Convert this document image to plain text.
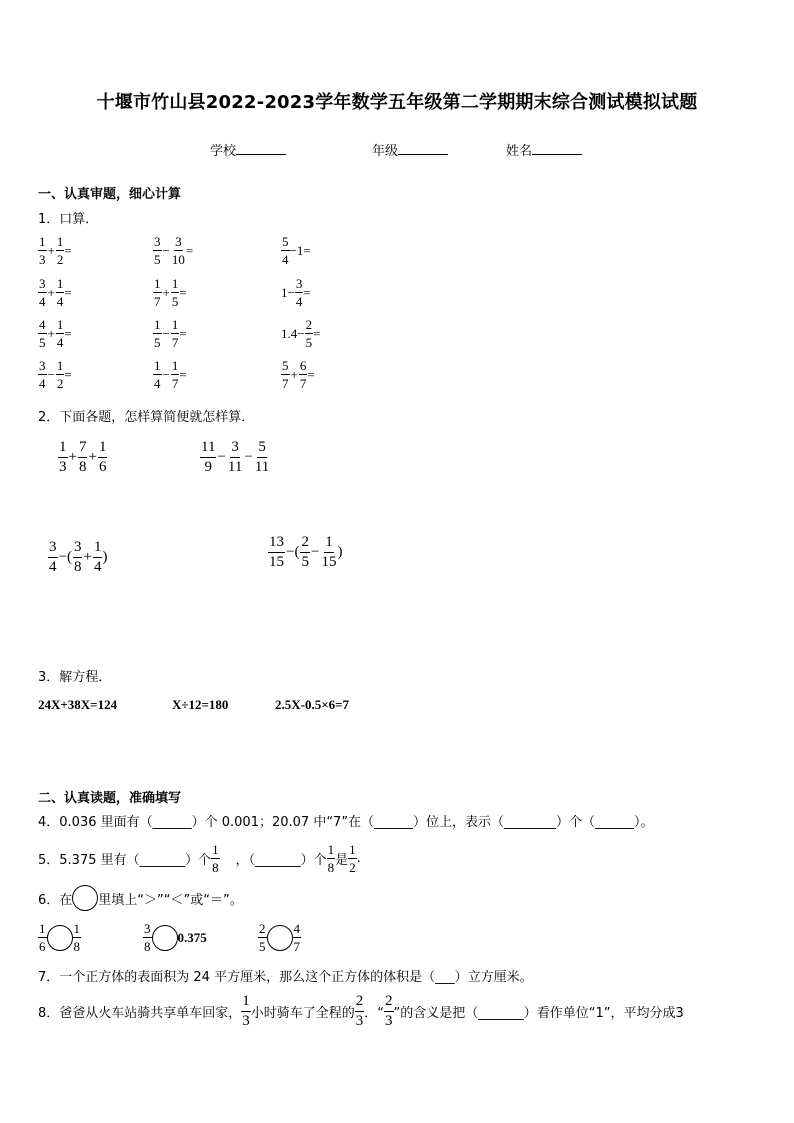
十堰市竹山县2022-2023学年数学五年级第二学期期末综合测试模拟试题
学校	年级	姓名
一、认真审题，细心计算
1．口算．
$\frac{1}{3} + \frac{1}{2}$ =	$\frac{3}{5} - \frac{3}{10}$ =	$\frac{5}{4} -1=$
$\frac{3}{4} + \frac{1}{4}$ =	$\frac{1}{7} + \frac{1}{5}$ =	$1- \frac{3}{4}$ =
$\frac{4}{5} + \frac{1}{4}$ =	$\frac{1}{5} - \frac{1}{7}$ =	$1.4- \frac{2}{5}$ =
$\frac{3}{4} - \frac{1}{2}$ =	$\frac{1}{4} - \frac{1}{7}$ =	$\frac{5}{7} + \frac{6}{7}$ =
2．下面各题，怎样算简便就怎样算．
$\frac{1}{3} + \frac{7}{8} + \frac{1}{6}$	$\frac{11}{9} - \frac{3}{11} - \frac{5}{11}$
$\frac{3}{4}$ −( $\frac{3}{8} + \frac{1}{4}$ )	$\frac{13}{15}$ −( $\frac{2}{5} - \frac{1}{15}$ )
3．解方程．
24X+38X=124	X÷12=180	2.5X-0.5×6=7
二、认真读题，准确填写
4．0.036 里面有（______）个 0.001；20.07 中“7”在（______）位上，表示（________）个（______）。
5．5.375 里有（_______）个 $\frac{1}{8}$ ，（_______）个 $\frac{1}{8}$ 是 $\frac{1}{2}$ .
6．在 里填上“＞”“＜”或“＝”。
$\frac{1}{6} \frac{1}{8}$	$\frac{3}{8} 0.375$	$\frac{2}{5} \frac{4}{7}$
7．一个正方体的表面积为 24 平方厘米，那么这个正方体的体积是（___）立方厘米。
8．爸爸从火车站骑共享单车回家， $\frac{1}{3}$ 小时骑车了全程的 $\frac{2}{3}$ ．“ $\frac{2}{3}$ ”的含义是把（_______）看作单位“1”，平均分成3
